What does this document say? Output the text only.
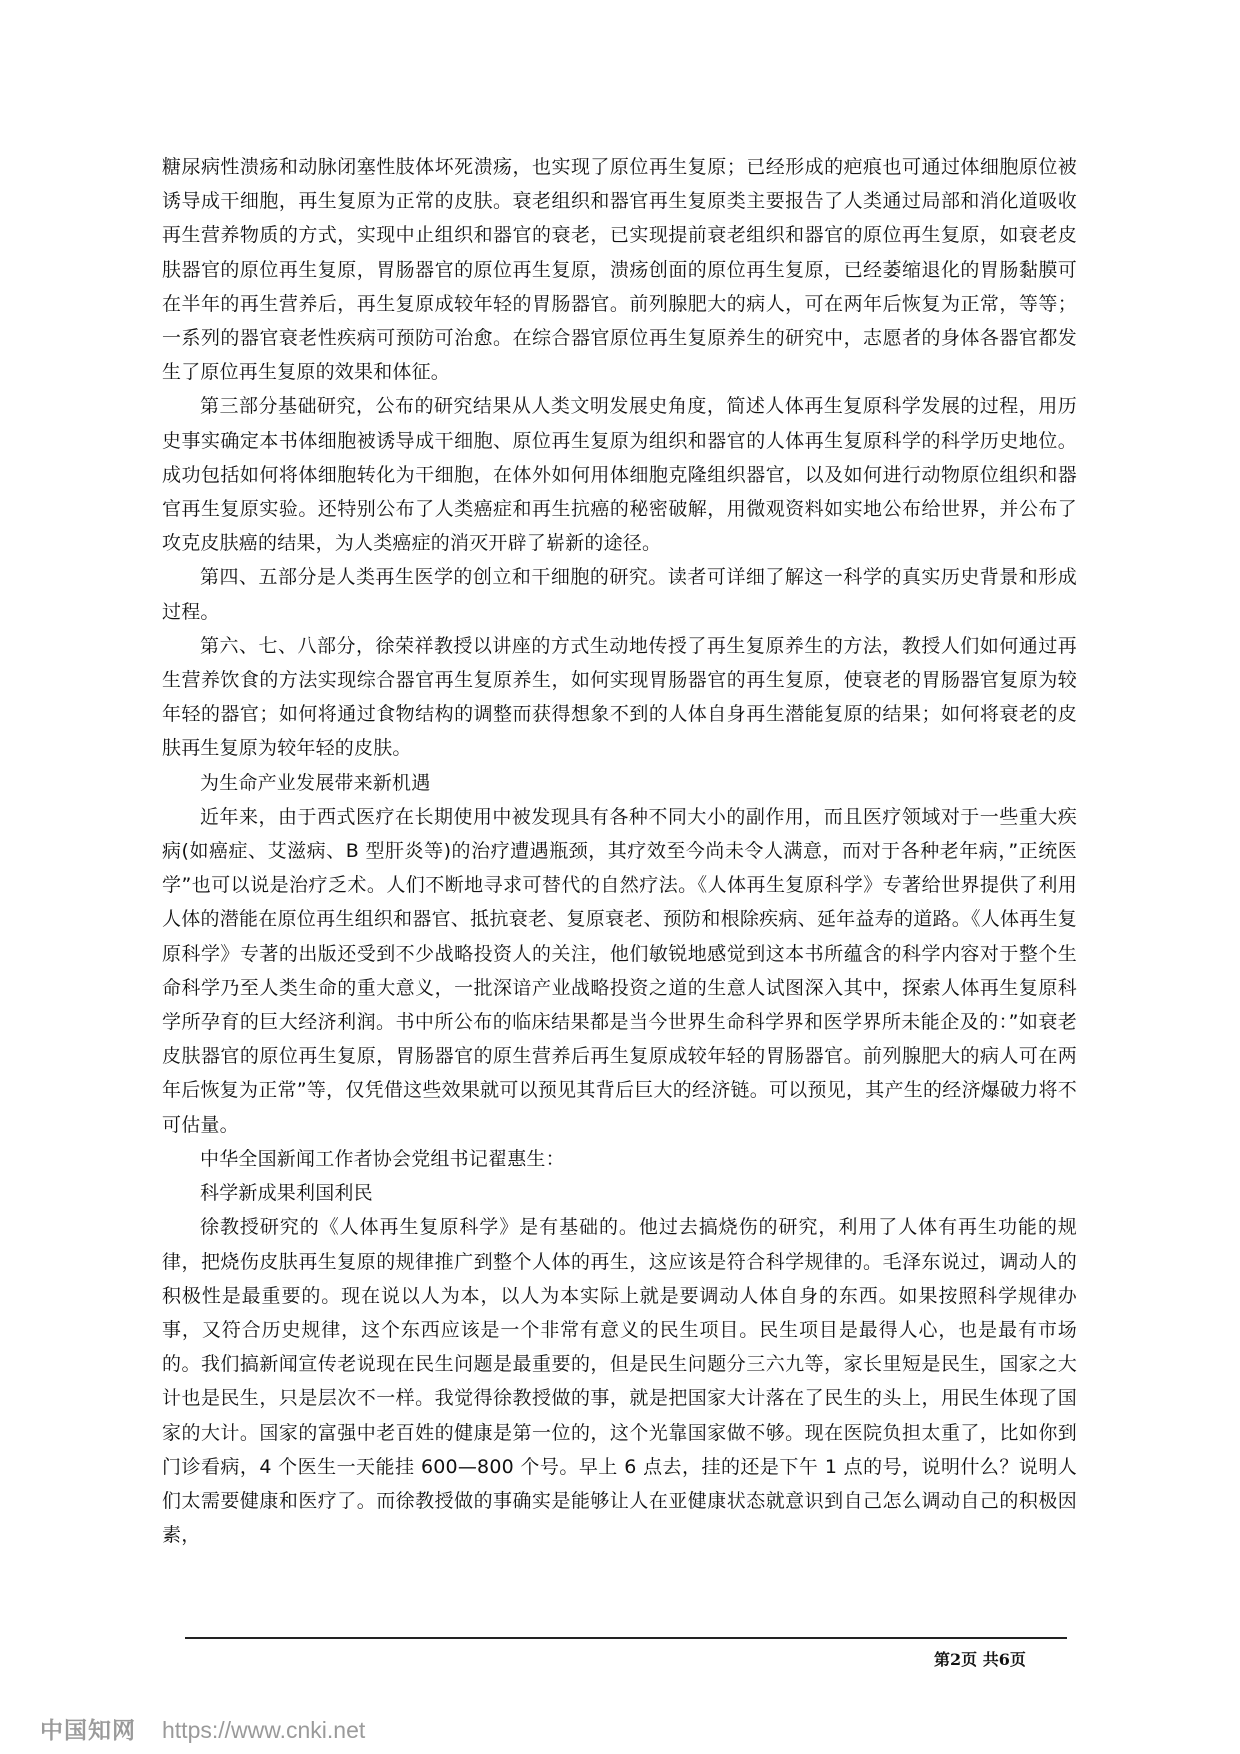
糖尿病性溃疡和动脉闭塞性肢体坏死溃疡，也实现了原位再生复原；已经形成的疤痕也可通过体细胞原位被诱导成干细胞，再生复原为正常的皮肤。衰老组织和器官再生复原类主要报告了人类通过局部和消化道吸收再生营养物质的方式，实现中止组织和器官的衰老，已实现提前衰老组织和器官的原位再生复原，如衰老皮肤器官的原位再生复原，胃肠器官的原位再生复原，溃疡创面的原位再生复原，已经萎缩退化的胃肠黏膜可在半年的再生营养后，再生复原成较年轻的胃肠器官。前列腺肥大的病人，可在两年后恢复为正常，等等；一系列的器官衰老性疾病可预防可治愈。在综合器官原位再生复原养生的研究中，志愿者的身体各器官都发生了原位再生复原的效果和体征。

第三部分基础研究，公布的研究结果从人类文明发展史角度，简述人体再生复原科学发展的过程，用历史事实确定本书体细胞被诱导成干细胞、原位再生复原为组织和器官的人体再生复原科学的科学历史地位。成功包括如何将体细胞转化为干细胞，在体外如何用体细胞克隆组织器官，以及如何进行动物原位组织和器官再生复原实验。还特别公布了人类癌症和再生抗癌的秘密破解，用微观资料如实地公布给世界，并公布了攻克皮肤癌的结果，为人类癌症的消灭开辟了崭新的途径。

第四、五部分是人类再生医学的创立和干细胞的研究。读者可详细了解这一科学的真实历史背景和形成过程。

第六、七、八部分，徐荣祥教授以讲座的方式生动地传授了再生复原养生的方法，教授人们如何通过再生营养饮食的方法实现综合器官再生复原养生，如何实现胃肠器官的再生复原，使衰老的胃肠器官复原为较年轻的器官；如何将通过食物结构的调整而获得想象不到的人体自身再生潜能复原的结果；如何将衰老的皮肤再生复原为较年轻的皮肤。

为生命产业发展带来新机遇

近年来，由于西式医疗在长期使用中被发现具有各种不同大小的副作用，而且医疗领域对于一些重大疾病(如癌症、艾滋病、B 型肝炎等)的治疗遭遇瓶颈，其疗效至今尚未令人满意，而对于各种老年病，”正统医学”也可以说是治疗乏术。人们不断地寻求可替代的自然疗法。《人体再生复原科学》专著给世界提供了利用人体的潜能在原位再生组织和器官、抵抗衰老、复原衰老、预防和根除疾病、延年益寿的道路。《人体再生复原科学》专著的出版还受到不少战略投资人的关注，他们敏锐地感觉到这本书所蕴含的科学内容对于整个生命科学乃至人类生命的重大意义，一批深谙产业战略投资之道的生意人试图深入其中，探索人体再生复原科学所孕育的巨大经济利润。书中所公布的临床结果都是当今世界生命科学界和医学界所未能企及的：”如衰老皮肤器官的原位再生复原，胃肠器官的原生营养后再生复原成较年轻的胃肠器官。前列腺肥大的病人可在两年后恢复为正常”等，仅凭借这些效果就可以预见其背后巨大的经济链。可以预见，其产生的经济爆破力将不可估量。

中华全国新闻工作者协会党组书记翟惠生：

科学新成果利国利民

徐教授研究的《人体再生复原科学》是有基础的。他过去搞烧伤的研究，利用了人体有再生功能的规律，把烧伤皮肤再生复原的规律推广到整个人体的再生，这应该是符合科学规律的。毛泽东说过，调动人的积极性是最重要的。现在说以人为本，以人为本实际上就是要调动人体自身的东西。如果按照科学规律办事，又符合历史规律，这个东西应该是一个非常有意义的民生项目。民生项目是最得人心，也是最有市场的。我们搞新闻宣传老说现在民生问题是最重要的，但是民生问题分三六九等，家长里短是民生，国家之大计也是民生，只是层次不一样。我觉得徐教授做的事，就是把国家大计落在了民生的头上，用民生体现了国家的大计。国家的富强中老百姓的健康是第一位的，这个光靠国家做不够。现在医院负担太重了，比如你到门诊看病，4 个医生一天能挂 600—800 个号。早上 6 点去，挂的还是下午 1 点的号，说明什么？说明人们太需要健康和医疗了。而徐教授做的事确实是能够让人在亚健康状态就意识到自己怎么调动自己的积极因素，

第2页 共6页
中国知网 https://www.cnki.net
